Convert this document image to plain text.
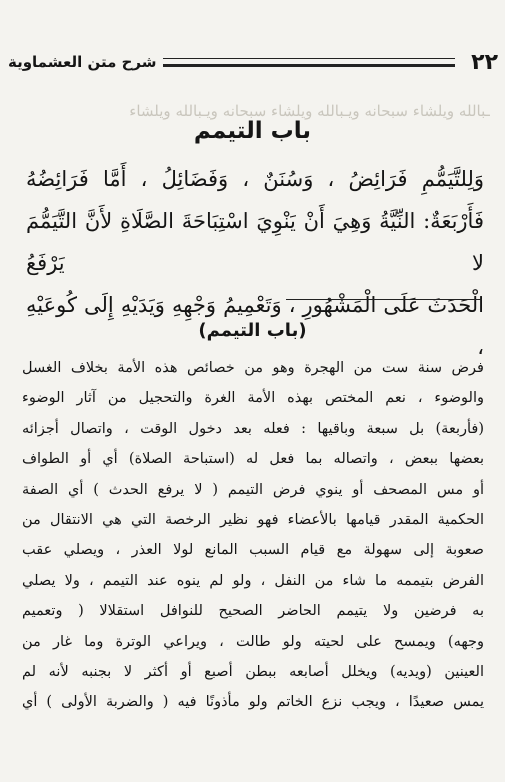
٢٢
شرح متن العشماوية
ـبالله ويلشاء سبحانه ويـبالله ويلشاء سبحانه ويـبالله ويلشاء
باب التيمم

وَلِلتَّيَمُّمِ فَرَائِضُ ، وَسُنَنٌ ، وَفَضَائِلُ ، أَمَّا فَرَائِضُهُ

فَأَرْبَعَةٌ: النِّيَّةُ وَهِيَ أَنْ يَنْوِيَ اسْتِبَاحَةَ الصَّلَاةِ لأَنَّ التَّيَمُّمَ لا يَرْفَعُ

الْحَدَثَ عَلَى الْمَشْهُورِ ، وَتَعْمِيمُ وَجْهِهِ وَيَدَيْهِ إِلَى كُوعَيْهِ ،

(باب التيمم)

فرض سنة ست من الهجرة وهو من خصائص هذه الأمة بخلاف الغسل

والوضوء ، نعم المختص بهذه الأمة الغرة والتحجيل من آثار الوضوء

(فأربعة) بل سبعة وباقيها : فعله بعد دخول الوقت ، واتصال أجزائه

بعضها ببعض ، واتصاله بما فعل له (استباحة الصلاة) أي أو الطواف

أو مس المصحف أو ينوي فرض التيمم ( لا يرفع الحدث ) أي الصفة

الحكمية المقدر قيامها بالأعضاء فهو نظير الرخصة التي هي الانتقال من

صعوبة إلى سهولة مع قيام السبب المانع لولا العذر ، ويصلي عقب

الفرض بتيممه ما شاء من النفل ، ولو لم ينوه عند التيمم ، ولا يصلي

به فرضين ولا يتيمم الحاضر الصحيح للنوافل استقلالا ( وتعميم

وجهه) ويمسح على لحيته ولو طالت ، ويراعي الوترة وما غار من

العينين (ويديه) ويخلل أصابعه ببطن أصبع أو أكثر لا بجنبه لأنه لم

يمس صعيدًا ، ويجب نزع الخاتم ولو مأذونًا فيه ( والضربة الأولى ) أي
